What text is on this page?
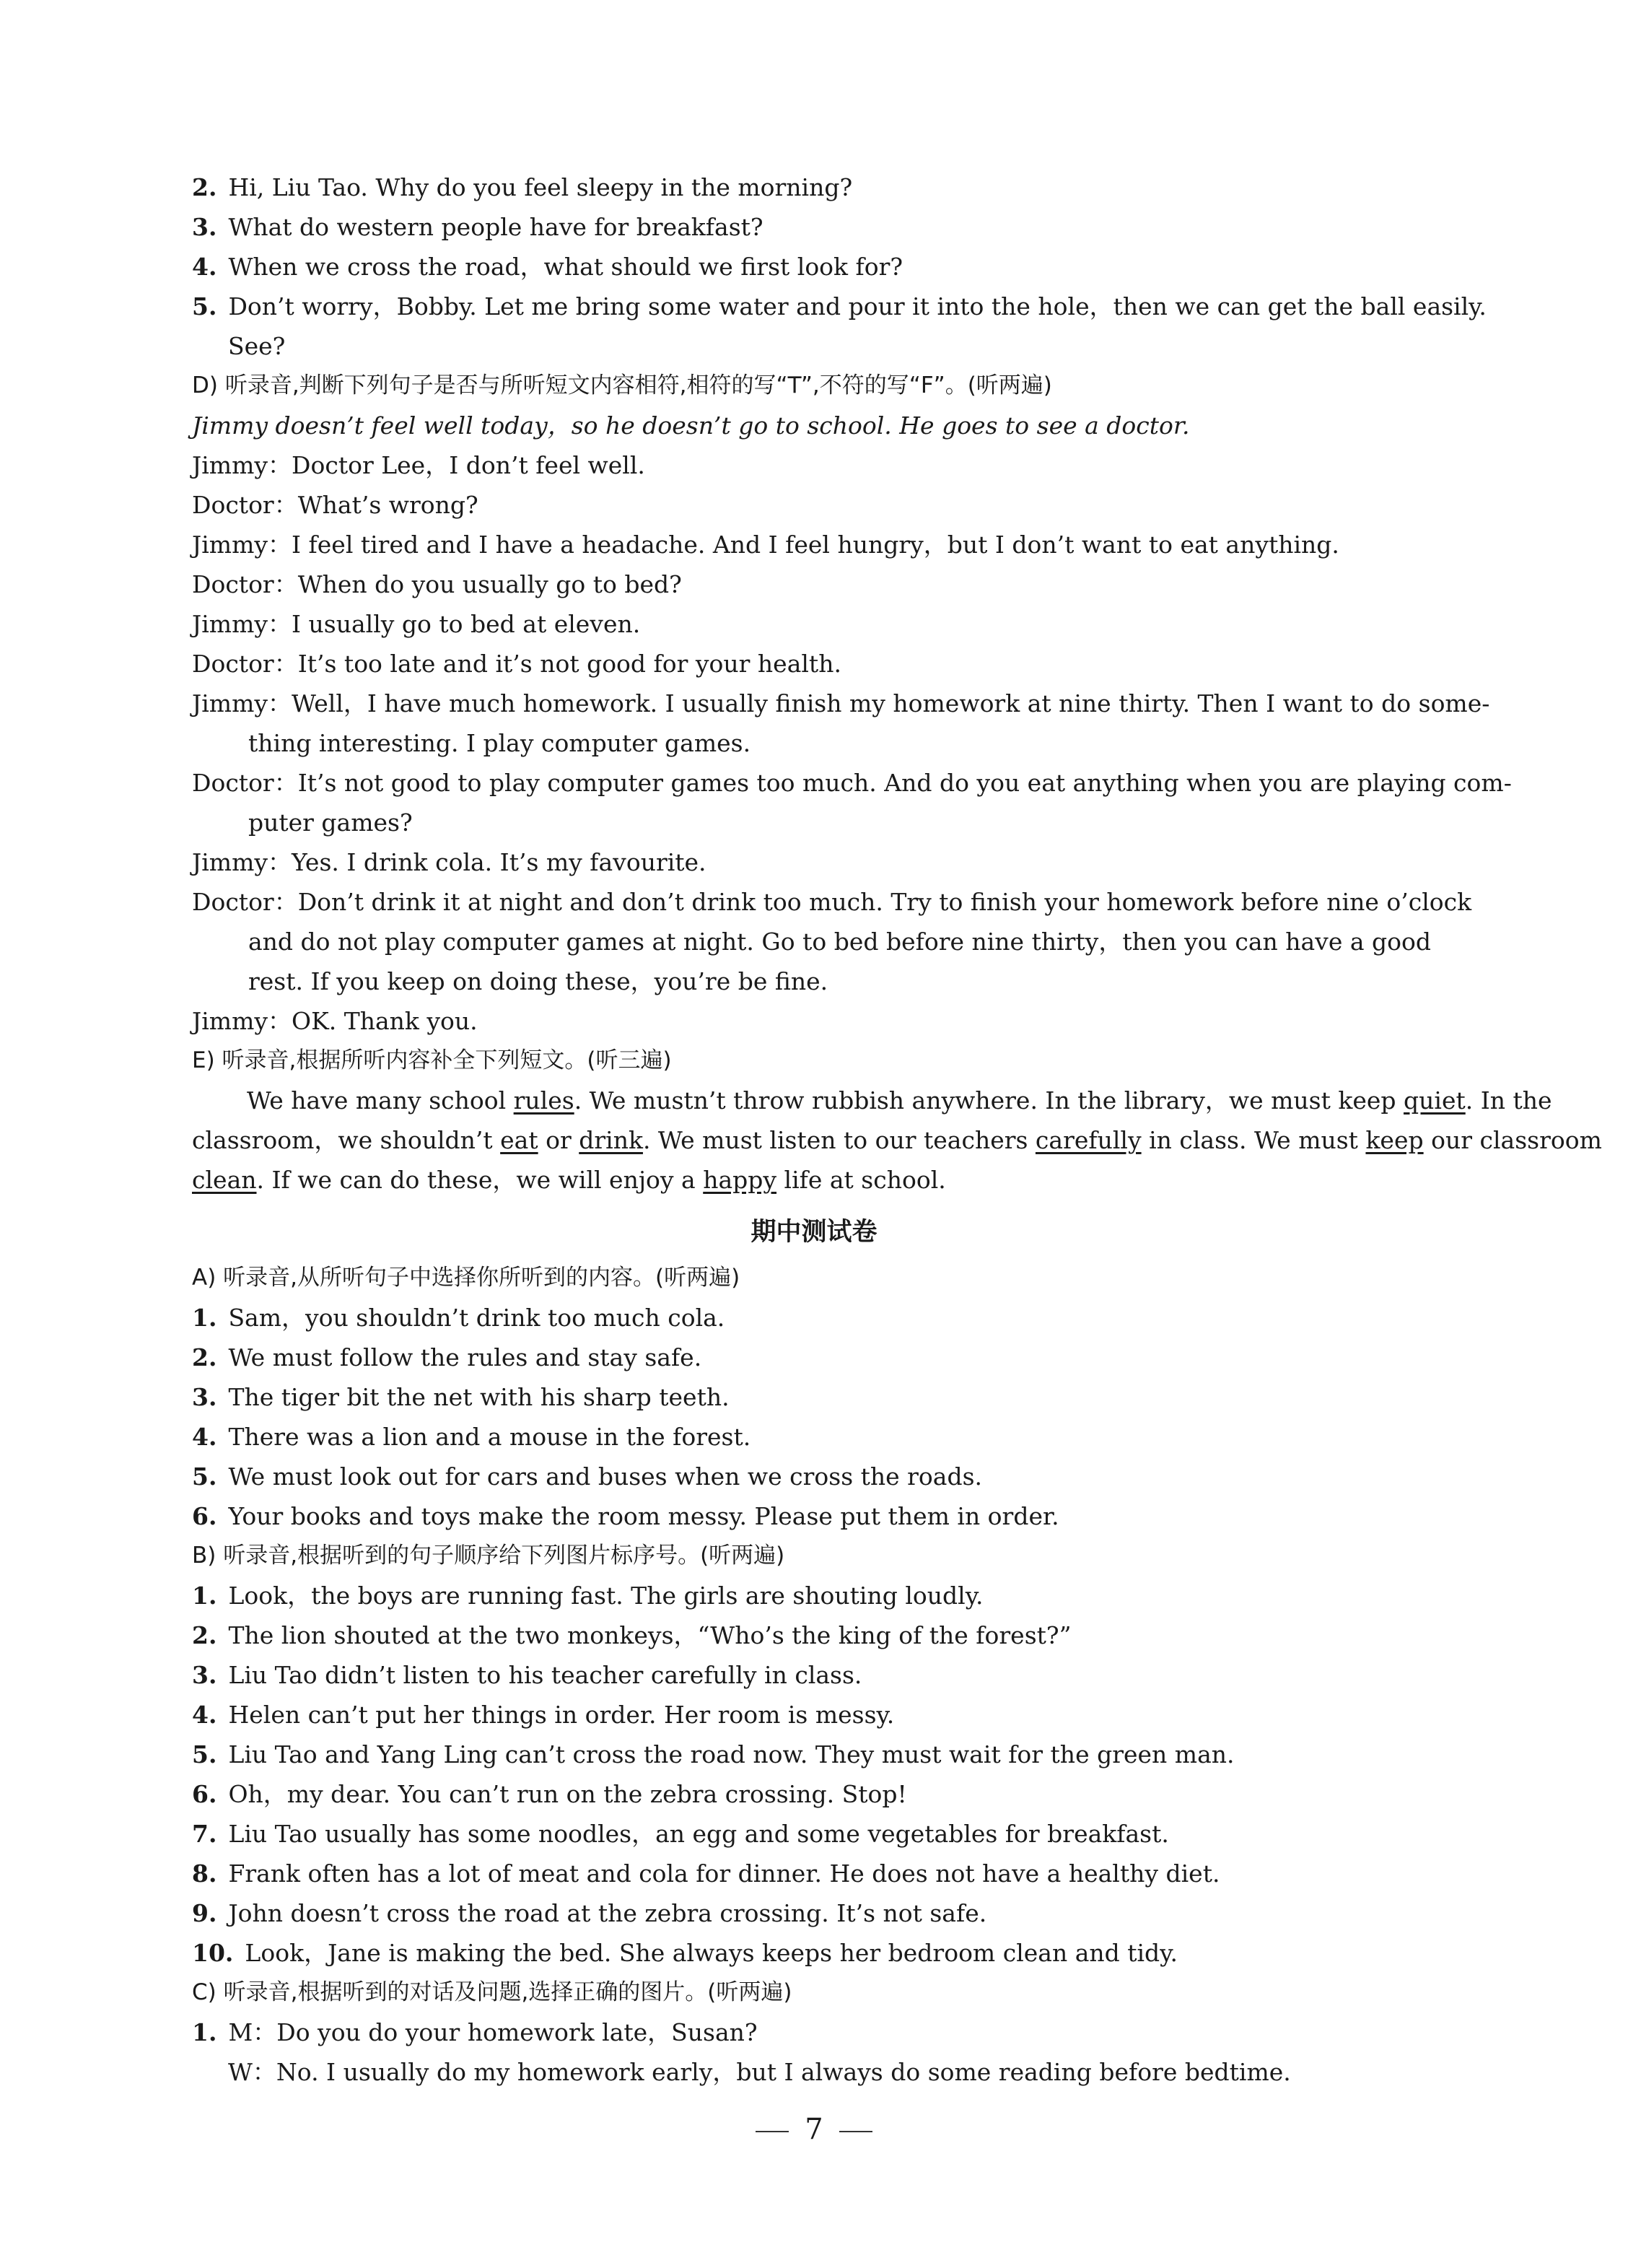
2. Hi, Liu Tao. Why do you feel sleepy in the morning?
3. What do western people have for breakfast?
4. When we cross the road，what should we first look for?
5. Don’t worry，Bobby. Let me bring some water and pour it into the hole，then we can get the ball easily.
See?
D) 听录音,判断下列句子是否与所听短文内容相符,相符的写“T”,不符的写“F”。(听两遍)
Jimmy doesn’t feel well today，so he doesn’t go to school. He goes to see a doctor.
Jimmy：Doctor Lee，I don’t feel well.
Doctor：What’s wrong?
Jimmy：I feel tired and I have a headache. And I feel hungry，but I don’t want to eat anything.
Doctor：When do you usually go to bed?
Jimmy：I usually go to bed at eleven.
Doctor：It’s too late and it’s not good for your health.
Jimmy：Well，I have much homework. I usually finish my homework at nine thirty. Then I want to do some-
thing interesting. I play computer games.
Doctor：It’s not good to play computer games too much. And do you eat anything when you are playing com-
puter games?
Jimmy：Yes. I drink cola. It’s my favourite.
Doctor：Don’t drink it at night and don’t drink too much. Try to finish your homework before nine o’clock
and do not play computer games at night. Go to bed before nine thirty，then you can have a good
rest. If you keep on doing these，you’re be fine.
Jimmy：OK. Thank you.
E) 听录音,根据所听内容补全下列短文。(听三遍)
We have many school rules. We mustn’t throw rubbish anywhere. In the library，we must keep quiet. In the
classroom，we shouldn’t eat or drink. We must listen to our teachers carefully in class. We must keep our classroom
clean. If we can do these，we will enjoy a happy life at school.
期中测试卷
A) 听录音,从所听句子中选择你所听到的内容。(听两遍)
1. Sam，you shouldn’t drink too much cola.
2. We must follow the rules and stay safe.
3. The tiger bit the net with his sharp teeth.
4. There was a lion and a mouse in the forest.
5. We must look out for cars and buses when we cross the roads.
6. Your books and toys make the room messy. Please put them in order.
B) 听录音,根据听到的句子顺序给下列图片标序号。(听两遍)
1. Look，the boys are running fast. The girls are shouting loudly.
2. The lion shouted at the two monkeys，“Who’s the king of the forest?”
3. Liu Tao didn’t listen to his teacher carefully in class.
4. Helen can’t put her things in order. Her room is messy.
5. Liu Tao and Yang Ling can’t cross the road now. They must wait for the green man.
6. Oh，my dear. You can’t run on the zebra crossing. Stop!
7. Liu Tao usually has some noodles，an egg and some vegetables for breakfast.
8. Frank often has a lot of meat and cola for dinner. He does not have a healthy diet.
9. John doesn’t cross the road at the zebra crossing. It’s not safe.
10. Look，Jane is making the bed. She always keeps her bedroom clean and tidy.
C) 听录音,根据听到的对话及问题,选择正确的图片。(听两遍)
1. M：Do you do your homework late，Susan?
W：No. I usually do my homework early，but I always do some reading before bedtime.
7
